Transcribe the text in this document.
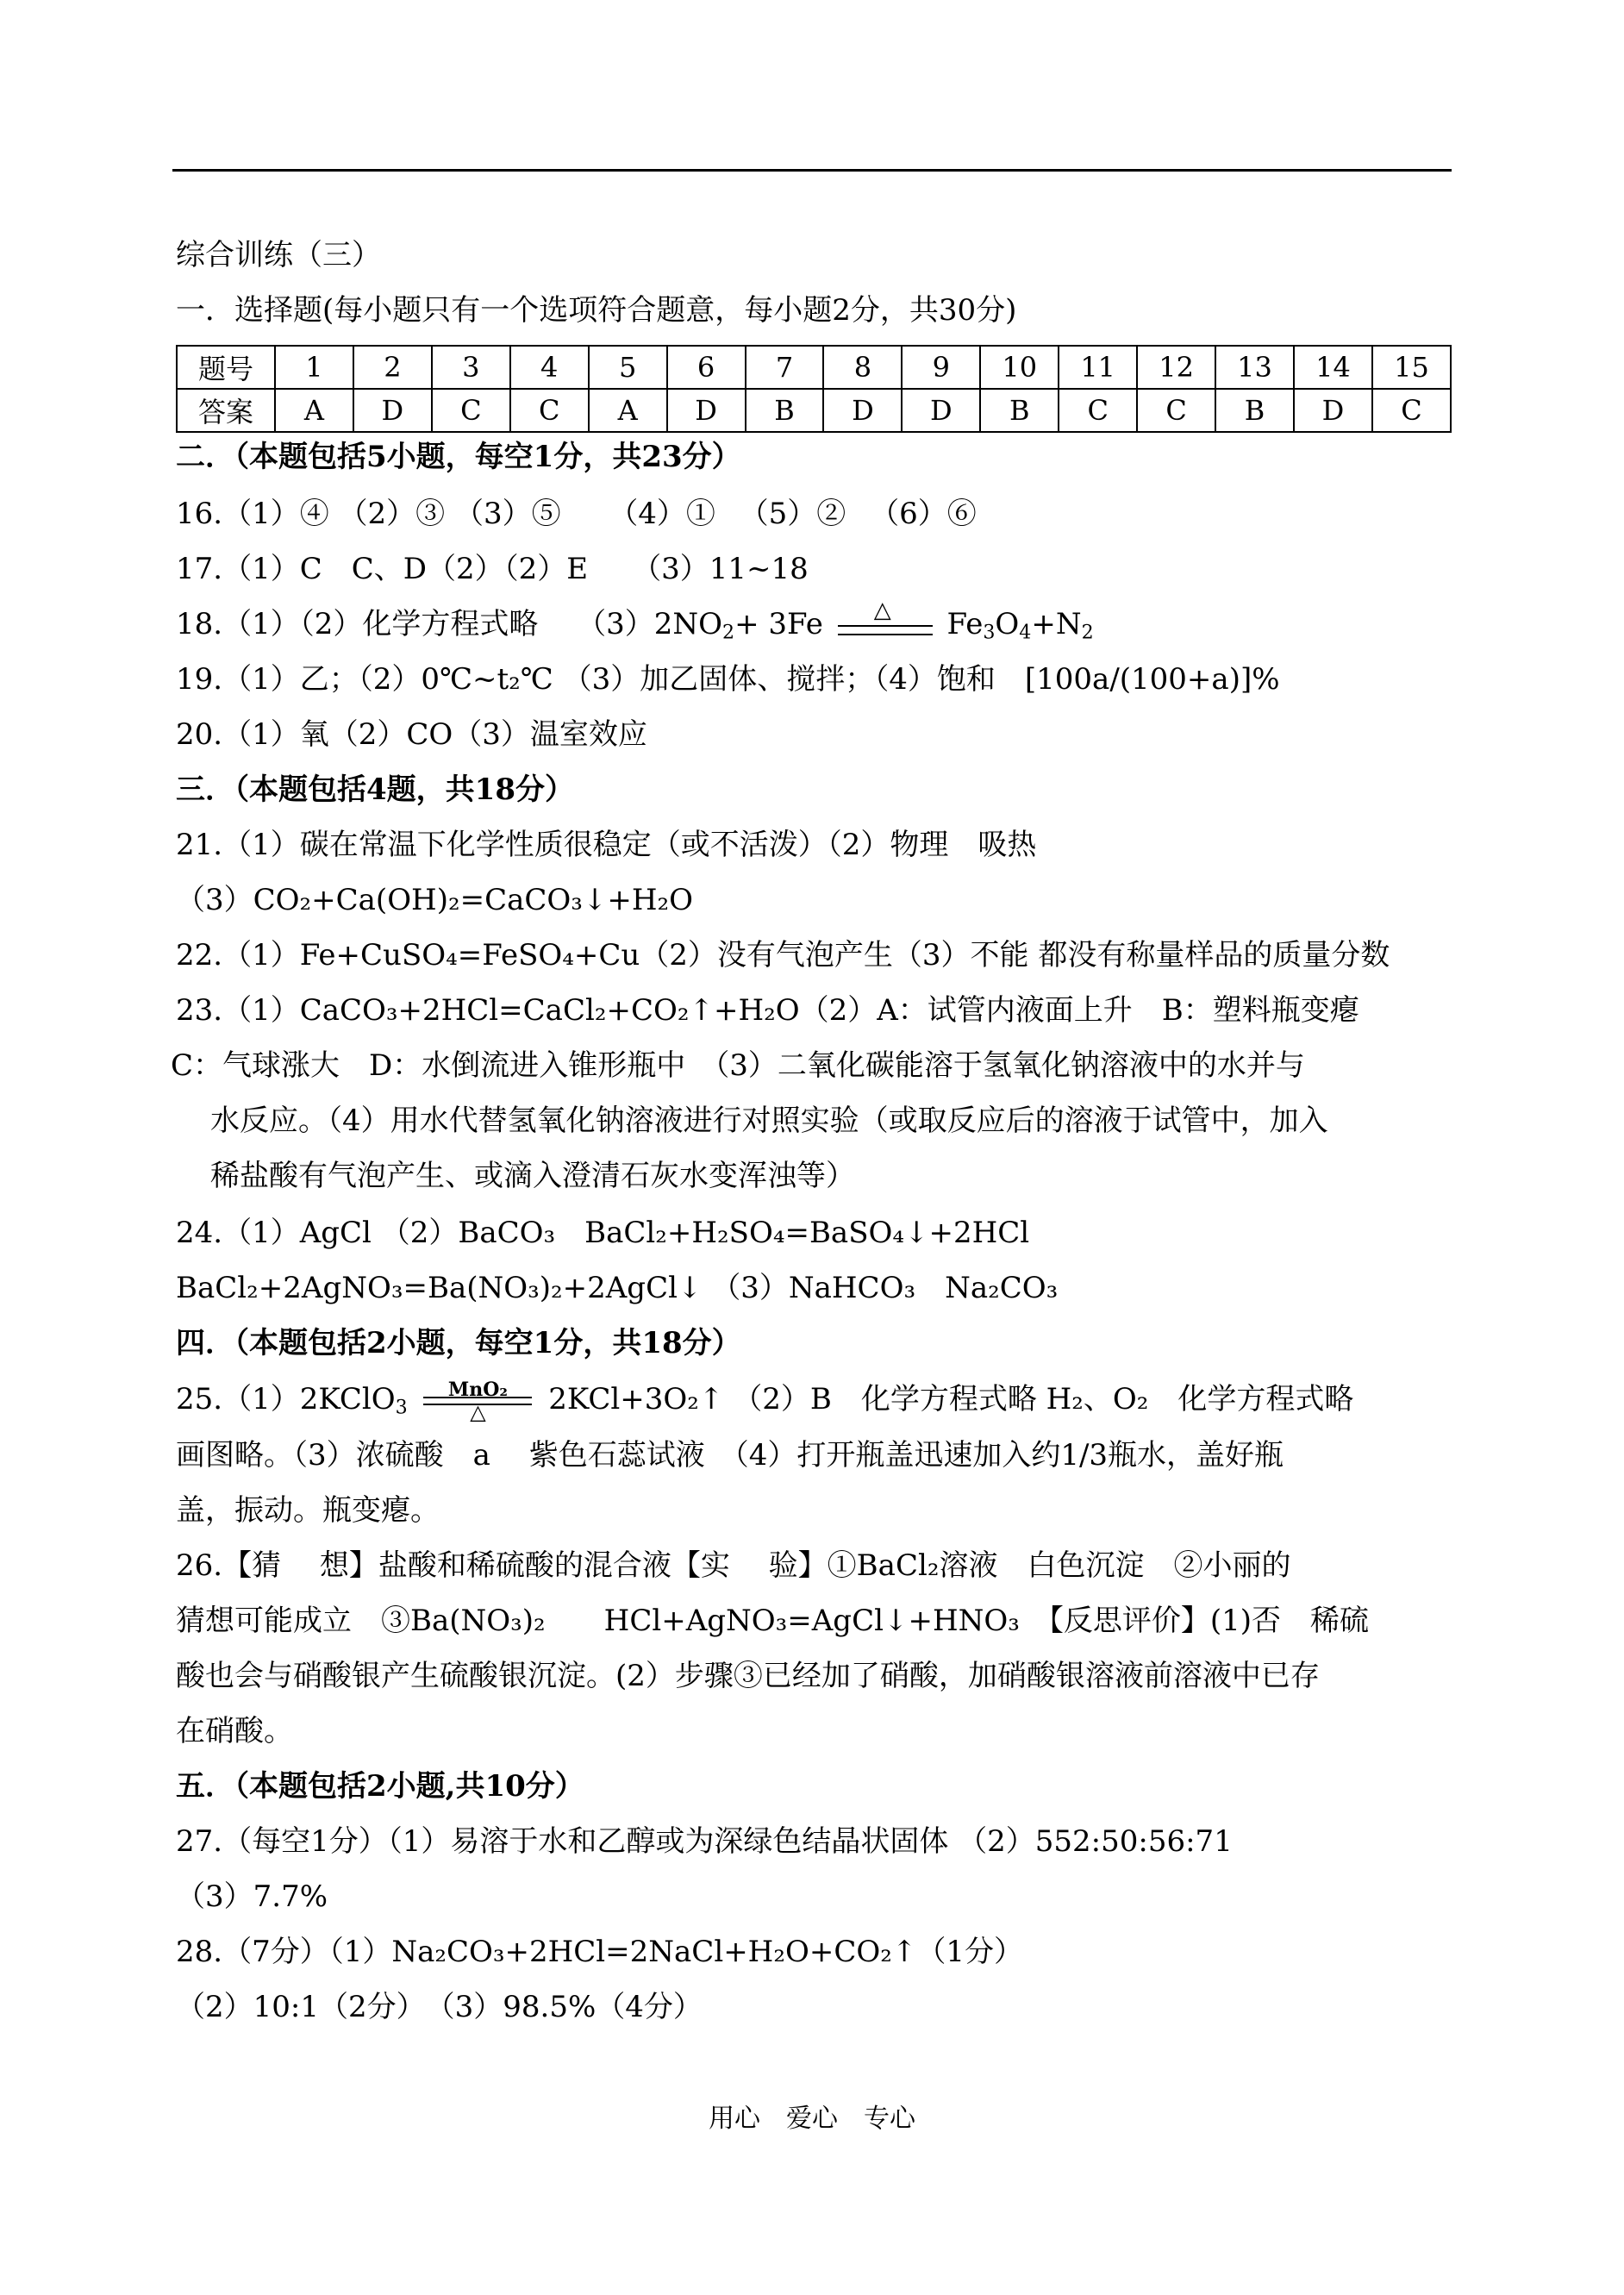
综合训练（三）
一．选择题(每小题只有一个选项符合题意，每小题2分，共30分)
题号	1	2	3	4	5	6	7	8	9	10	11	12	13	14	15
答案	A	D	C	C	A	D	B	D	D	B	C	C	B	D	C
二．（本题包括5小题，每空1分，共23分）
16.（1）④ （2）③ （3）⑤ 　 （4）① 　（5）② 　（6）⑥
17.（1）C　C、D（2）（2）E　　（3）11~18
18.（1）（2）化学方程式略　 $(3)2NO_2+ 3Fe$ △ $Fe_3O_4+N_2$
19.（1）乙；（2）0℃~t₂℃ （3）加乙固体、搅拌；（4）饱和　[100a/(100+a)]%
20.（1）氧（2）CO（3）温室效应
三．（本题包括4题，共18分）
21.（1）碳在常温下化学性质很稳定（或不活泼）（2）物理　吸热
（3）CO₂+Ca(OH)₂=CaCO₃↓+H₂O
22.（1）Fe+CuSO₄=FeSO₄+Cu（2）没有气泡产生（3）不能 都没有称量样品的质量分数
23.（1）CaCO₃+2HCl=CaCl₂+CO₂↑+H₂O（2）A：试管内液面上升　B：塑料瓶变瘪
C：气球涨大　D：水倒流进入锥形瓶中　（3）二氧化碳能溶于氢氧化钠溶液中的水并与
水反应。（4）用水代替氢氧化钠溶液进行对照实验（或取反应后的溶液于试管中，加入
稀盐酸有气泡产生、或滴入澄清石灰水变浑浊等）
24.（1）AgCl （2）BaCO₃　BaCl₂+H₂SO₄=BaSO₄↓+2HCl
BaCl₂+2AgNO₃=Ba(NO₃)₂+2AgCl↓ （3）NaHCO₃　Na₂CO₃
四．（本题包括2小题，每空1分，共18分）
25.（1）2KClO$_3$
MnO₂
△	2KCl+3O₂↑ （2）B　化学方程式略 H₂、O₂　化学方程式略
画图略。（3）浓硫酸　a　 紫色石蕊试液　（4）打开瓶盖迅速加入约1/3瓶水，盖好瓶
盖，振动。瓶变瘪。
26.【猜　 想】盐酸和稀硫酸的混合液【实　 验】①BaCl₂溶液　白色沉淀　②小丽的
猜想可能成立　③Ba(NO₃)₂　　HCl+AgNO₃=AgCl↓+HNO₃　【反思评价】(1)否　稀硫
酸也会与硝酸银产生硫酸银沉淀。(2）步骤③已经加了硝酸，加硝酸银溶液前溶液中已存
在硝酸。
五．（本题包括2小题,共10分）
27.（每空1分）（1）易溶于水和乙醇或为深绿色结晶状固体 （2）552:50:56:71
（3）7.7%
28.（7分）（1）Na₂CO₃+2HCl=2NaCl+H₂O+CO₂↑（1分）
（2）10:1（2分）　（3）98.5%（4分）
用心　爱心　专心
